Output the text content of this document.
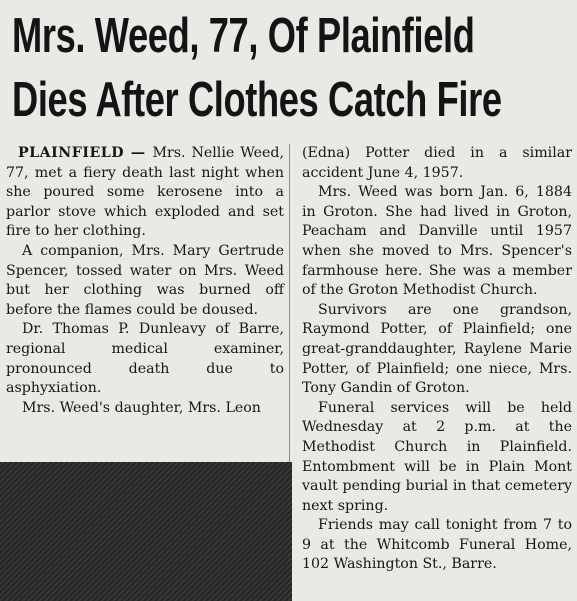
Mrs. Weed, 77, Of Plainfield
Dies After Clothes Catch Fire

PLAINFIELD — Mrs. Nellie Weed, 77, met a fiery death last night when she poured some kerosene into a parlor stove which exploded and set fire to her clothing.

A companion, Mrs. Mary Gertrude Spencer, tossed water on Mrs. Weed but her clothing was burned off before the flames could be doused.

Dr. Thomas P. Dunleavy of Barre, regional medical examiner, pronounced death due to asphyxiation.

Mrs. Weed's daughter, Mrs. Leon

(Edna) Potter died in a similar accident June 4, 1957.

Mrs. Weed was born Jan. 6, 1884 in Groton. She had lived in Groton, Peacham and Danville until 1957 when she moved to Mrs. Spencer's farmhouse here. She was a member of the Groton Methodist Church.

Survivors are one grandson, Raymond Potter, of Plainfield; one great-granddaughter, Raylene Marie Potter, of Plainfield; one niece, Mrs. Tony Gandin of Groton.

Funeral services will be held Wednesday at 2 p.m. at the Methodist Church in Plainfield. Entombment will be in Plain Mont vault pending burial in that cemetery next spring.

Friends may call tonight from 7 to 9 at the Whitcomb Funeral Home, 102 Washington St., Barre.
